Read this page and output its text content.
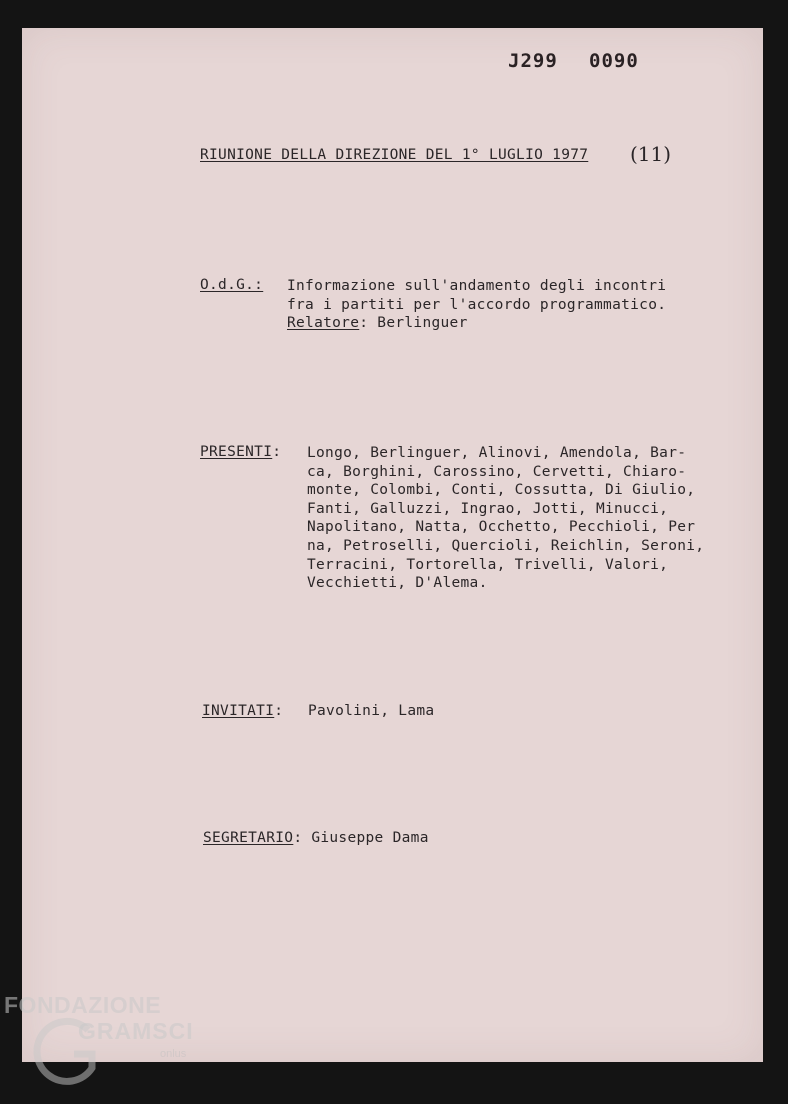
J299 0090
RIUNIONE DELLA DIREZIONE DEL 1° LUGLIO 1977 (11)
O.d.G.: Informazione sull'andamento degli incontri
fra i partiti per l'accordo programmatico.
Relatore: Berlinguer
PRESENTI: Longo, Berlinguer, Alinovi, Amendola, Bar-
ca, Borghini, Carossino, Cervetti, Chiaro-
monte, Colombi, Conti, Cossutta, Di Giulio,
Fanti, Galluzzi, Ingrao, Jotti, Minucci,
Napolitano, Natta, Occhetto, Pecchioli, Per
na, Petroselli, Quercioli, Reichlin, Seroni,
Terracini, Tortorella, Trivelli, Valori,
Vecchietti, D'Alema.
INVITATI: Pavolini, Lama
SEGRETARIO: Giuseppe Dama
FONDAZIONE
GRAMSCI
onlus
